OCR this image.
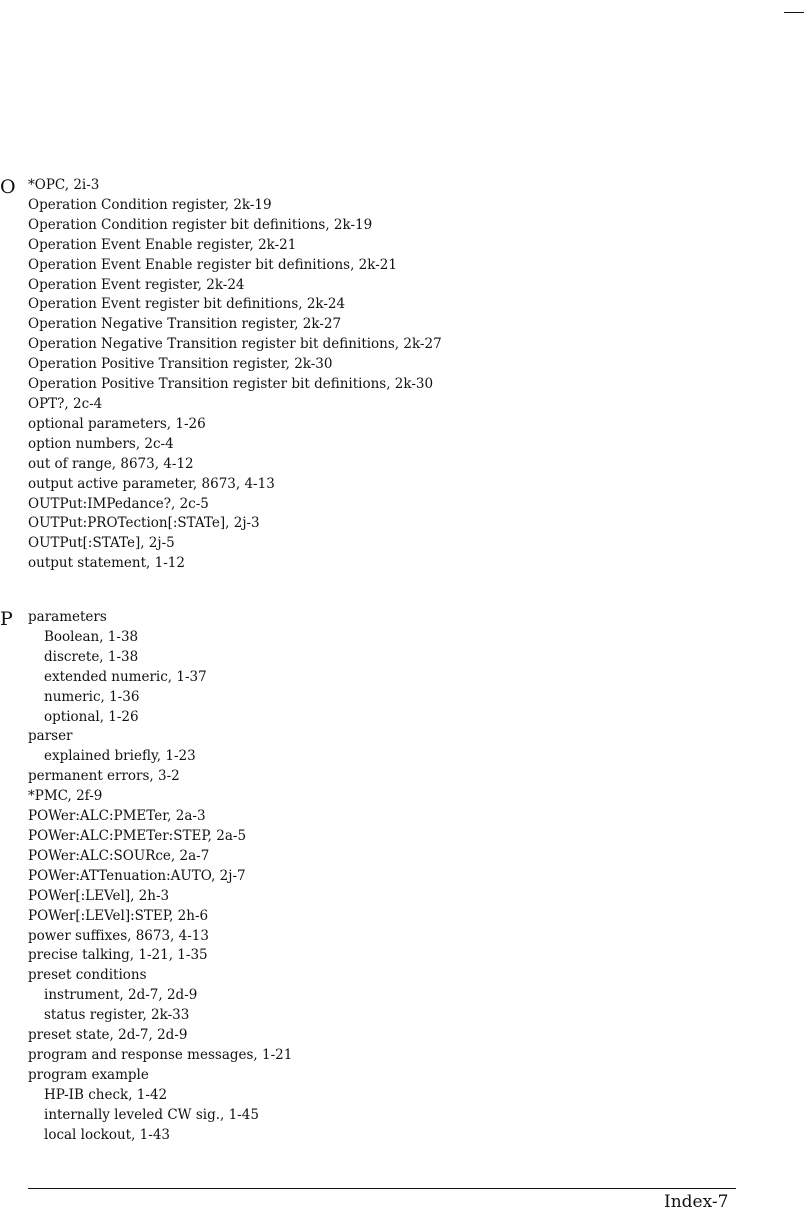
O *OPC, 2i-3
Operation Condition register, 2k-19
Operation Condition register bit definitions, 2k-19
Operation Event Enable register, 2k-21
Operation Event Enable register bit definitions, 2k-21
Operation Event register, 2k-24
Operation Event register bit definitions, 2k-24
Operation Negative Transition register, 2k-27
Operation Negative Transition register bit definitions, 2k-27
Operation Positive Transition register, 2k-30
Operation Positive Transition register bit definitions, 2k-30
OPT?, 2c-4
optional parameters, 1-26
option numbers, 2c-4
out of range, 8673, 4-12
output active parameter, 8673, 4-13
OUTPut:IMPedance?, 2c-5
OUTPut:PROTection[:STATe], 2j-3
OUTPut[:STATe], 2j-5
output statement, 1-12
P parameters
Boolean, 1-38
discrete, 1-38
extended numeric, 1-37
numeric, 1-36
optional, 1-26
parser
explained briefly, 1-23
permanent errors, 3-2
*PMC, 2f-9
POWer:ALC:PMETer, 2a-3
POWer:ALC:PMETer:STEP, 2a-5
POWer:ALC:SOURce, 2a-7
POWer:ATTenuation:AUTO, 2j-7
POWer[:LEVel], 2h-3
POWer[:LEVel]:STEP, 2h-6
power suffixes, 8673, 4-13
precise talking, 1-21, 1-35
preset conditions
instrument, 2d-7, 2d-9
status register, 2k-33
preset state, 2d-7, 2d-9
program and response messages, 1-21
program example
HP-IB check, 1-42
internally leveled CW sig., 1-45
local lockout, 1-43
Index-7
